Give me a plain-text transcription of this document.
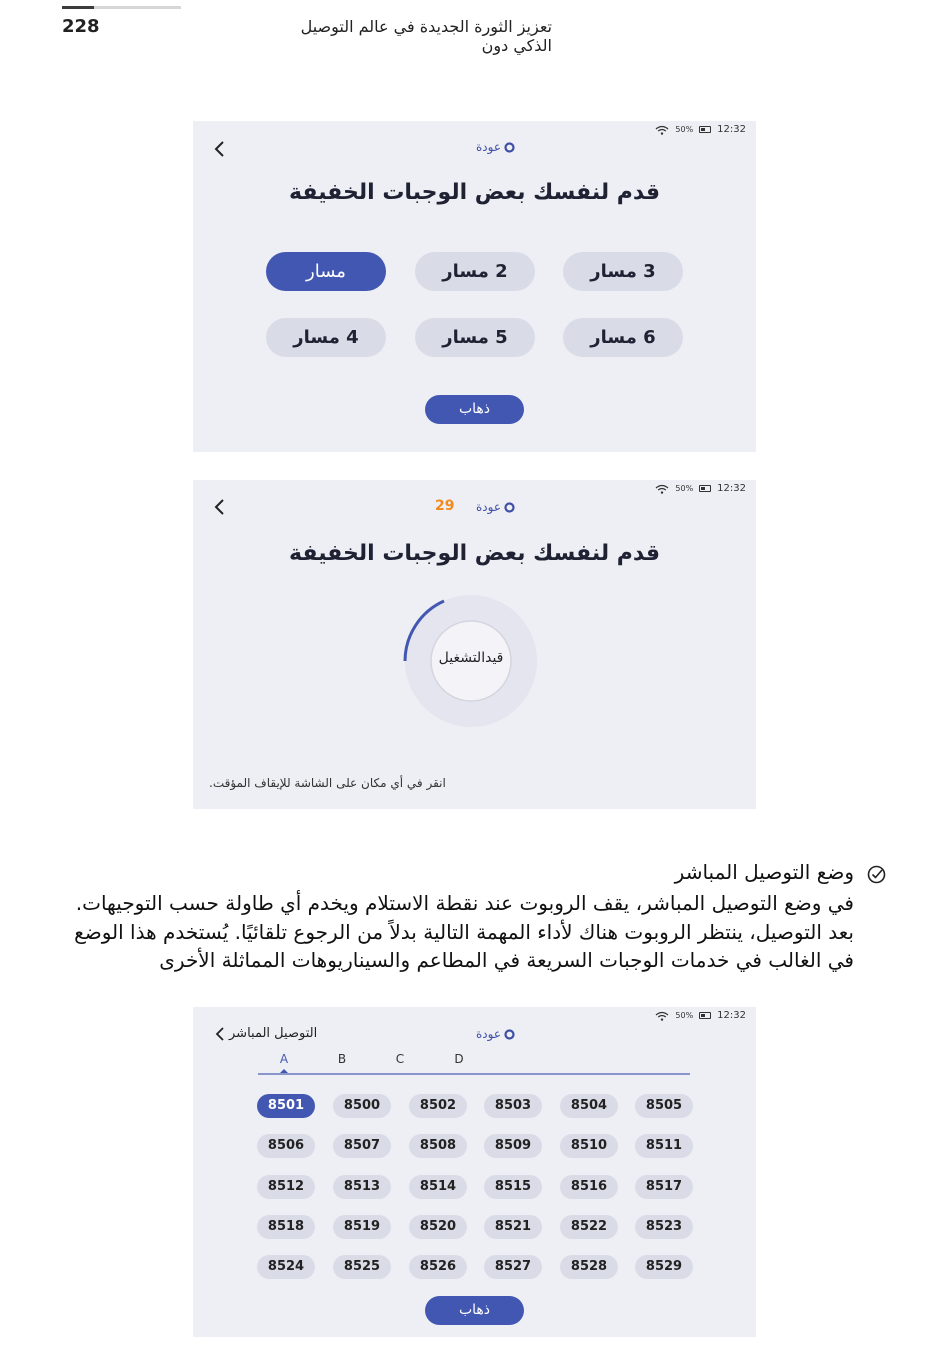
228	تعزيز الثورة الجديدة في عالم التوصيل الذكي دون
50% 12:32
عودة
قدم لنفسك بعض الوجبات الخفيفة
مسار	2 مسار	3 مسار
4 مسار	5 مسار	6 مسار
ذهاب
50% 12:32
29 عودة
قدم لنفسك بعض الوجبات الخفيفة
قيدالتشغيل
انقر في أي مكان على الشاشة للإيقاف المؤقت.
وضع التوصيل المباشر
في وضع التوصيل المباشر، يقف الروبوت عند نقطة الاستلام ويخدم أي طاولة حسب التوجيهات. بعد التوصيل، ينتظر الروبوت هناك لأداء المهمة التالية بدلاً من الرجوع تلقائيًا. يُستخدم هذا الوضع في الغالب في خدمات الوجبات السريعة في المطاعم والسيناريوهات المماثلة الأخرى
50% 12:32
التوصيل المباشر	عودة
A	B	C	D
8501	8500	8502	8503	8504	8505
8506	8507	8508	8509	8510	8511
8512	8513	8514	8515	8516	8517
8518	8519	8520	8521	8522	8523
8524	8525	8526	8527	8528	8529
ذهاب
